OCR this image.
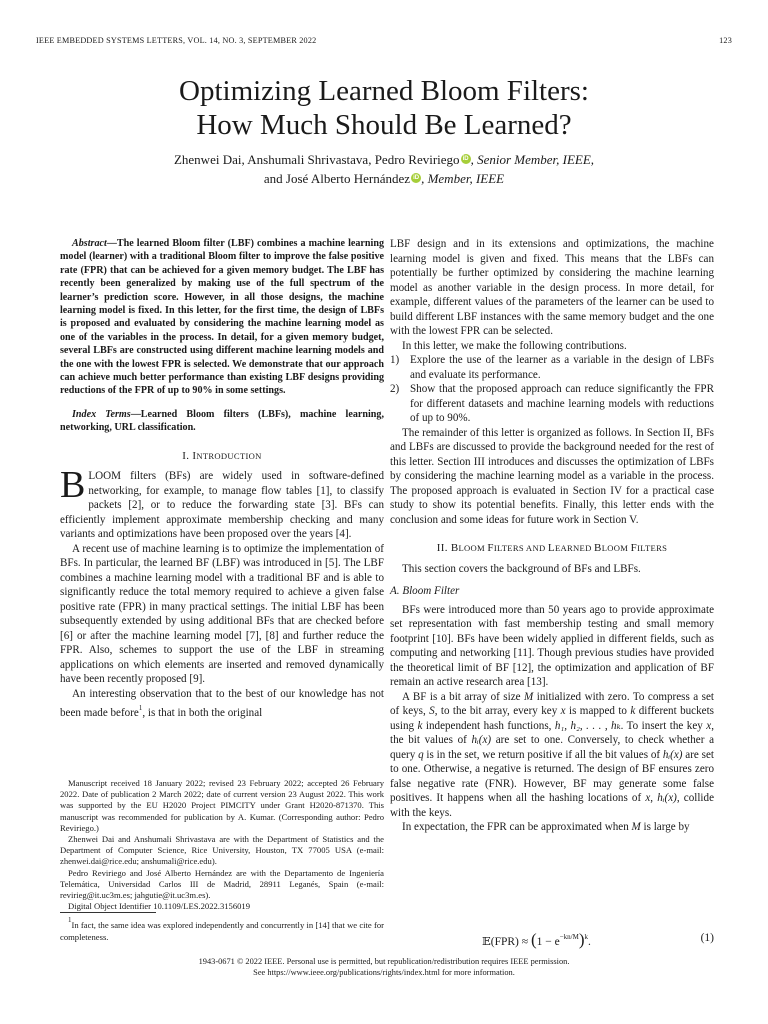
IEEE EMBEDDED SYSTEMS LETTERS, VOL. 14, NO. 3, SEPTEMBER 2022	123
Optimizing Learned Bloom Filters:
How Much Should Be Learned?
Zhenwei Dai, Anshumali Shrivastava, Pedro Reviriego iD , Senior Member, IEEE,
and José Alberto Hernández iD , Member, IEEE

Abstract—The learned Bloom filter (LBF) combines a machine learning model (learner) with a traditional Bloom filter to improve the false positive rate (FPR) that can be achieved for a given memory budget. The LBF has recently been generalized by making use of the full spectrum of the learner’s prediction score. However, in all those designs, the machine learning model is fixed. In this letter, for the first time, the design of LBFs is proposed and evaluated by considering the machine learning model as one of the variables in the process. In detail, for a given memory budget, several LBFs are constructed using different machine learning models and the one with the lowest FPR is selected. We demonstrate that our approach can achieve much better performance than existing LBF designs providing reductions of the FPR of up to 90% in some settings.

Index Terms—Learned Bloom filters (LBFs), machine learning, networking, URL classification.

I. INTRODUCTION

BLOOM filters (BFs) are widely used in software-defined networking, for example, to manage flow tables [1], to classify packets [2], or to reduce the forwarding state [3]. BFs can efficiently implement approximate membership checking and many variants and optimizations have been proposed over the years [4].

A recent use of machine learning is to optimize the implementation of BFs. In particular, the learned BF (LBF) was introduced in [5]. The LBF combines a machine learning model with a traditional BF and is able to significantly reduce the total memory required to achieve a given false positive rate (FPR) in many practical settings. The initial LBF has been subsequently extended by using additional BFs that are checked before [6] or after the machine learning model [7], [8] and further reduce the FPR. Also, schemes to support the use of the LBF in streaming applications on which elements are inserted and removed dynamically have been recently proposed [9].

An interesting observation that to the best of our knowledge has not been made before$^1$, is that in both the original

Manuscript received 18 January 2022; revised 23 February 2022; accepted 26 February 2022. Date of publication 2 March 2022; date of current version 23 August 2022. This work was supported by the EU H2020 Project PIMCITY under Grant H2020-871370. This manuscript was recommended for publication by A. Kumar. (Corresponding author: Pedro Reviriego.)

Zhenwei Dai and Anshumali Shrivastava are with the Department of Statistics and the Department of Computer Science, Rice University, Houston, TX 77005 USA (e-mail: zhenwei.dai@rice.edu; anshumali@rice.edu).

Pedro Reviriego and José Alberto Hernández are with the Departamento de Ingeniería Telemática, Universidad Carlos III de Madrid, 28911 Leganés, Spain (e-mail: revirieg@it.uc3m.es; jahgutie@it.uc3m.es).

Digital Object Identifier 10.1109/LES.2022.3156019

$^1$In fact, the same idea was explored independently and concurrently in [14] that we cite for completeness.

LBF design and in its extensions and optimizations, the machine learning model is given and fixed. This means that the LBFs can potentially be further optimized by considering the machine learning model as another variable in the design process. In more detail, for example, different values of the parameters of the learner can be used to build different LBF instances with the same memory budget and the one with the lowest FPR can be selected.

In this letter, we make the following contributions.

1) Explore the use of the learner as a variable in the design of LBFs and evaluate its performance.
2) Show that the proposed approach can reduce significantly the FPR for different datasets and machine learning models with reductions of up to 90%.

The remainder of this letter is organized as follows. In Section II, BFs and LBFs are discussed to provide the background needed for the rest of this letter. Section III introduces and discusses the optimization of LBFs by considering the machine learning model as a variable in the process. The proposed approach is evaluated in Section IV for a practical case study to show its potential benefits. Finally, this letter ends with the conclusion and some ideas for future work in Section V.

II. BLOOM FILTERS AND LEARNED BLOOM FILTERS

This section covers the background of BFs and LBFs.

A. Bloom Filter

BFs were introduced more than 50 years ago to provide approximate set representation with fast membership testing and small memory footprint [10]. BFs have been widely applied in different fields, such as computing and networking [11]. Though previous studies have provided the theoretical limit of BF [12], the optimization and application of BF remain an active research area [13].

A BF is a bit array of size M initialized with zero. To compress a set of keys, S, to the bit array, every key x is mapped to k different buckets using k independent hash functions, h₁, h₂, . . . , hₖ. To insert the key x, the bit values of hᵢ(x) are set to one. Conversely, to check whether a query q is in the set, we return positive if all the bit values of hᵢ(x) are set to one. Otherwise, a negative is returned. The design of BF ensures zero false negative rate (FNR). However, BF may generate some false positives. It happens when all the hashing locations of x, hᵢ(x), collide with the keys.

In expectation, the FPR can be approximated when M is large by

𝔼(FPR) ≈ $(1 - e^{-kn/M})^k$.	(1)
1943-0671 © 2022 IEEE. Personal use is permitted, but republication/redistribution requires IEEE permission.
See https://www.ieee.org/publications/rights/index.html for more information.
